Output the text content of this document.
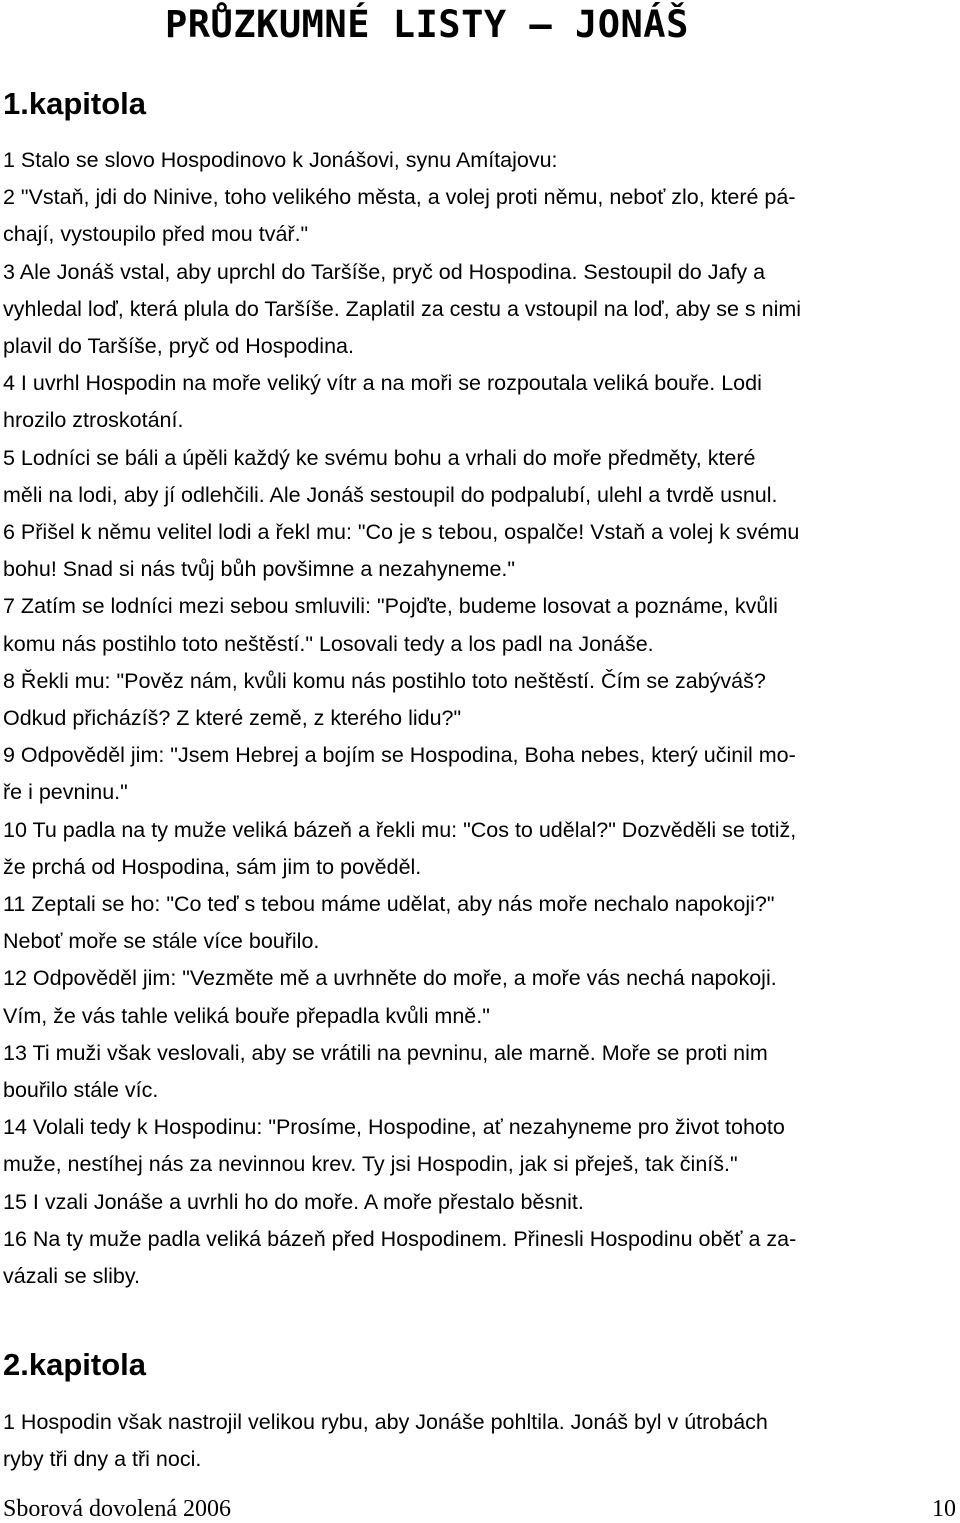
PRŮZKUMNÉ LISTY — JONÁŠ
1.kapitola
1 Stalo se slovo Hospodinovo k Jonášovi, synu Amítajovu:
2 "Vstaň, jdi do Ninive, toho velikého města, a volej proti němu, neboť zlo, které pá-
chají, vystoupilo před mou tvář."
3 Ale Jonáš vstal, aby uprchl do Taršíše, pryč od Hospodina. Sestoupil do Jafy a
vyhledal loď, která plula do Taršíše. Zaplatil za cestu a vstoupil na loď, aby se s nimi
plavil do Taršíše, pryč od Hospodina.
4 I uvrhl Hospodin na moře veliký vítr a na moři se rozpoutala veliká bouře. Lodi
hrozilo ztroskotání.
5 Lodníci se báli a úpěli každý ke svému bohu a vrhali do moře předměty, které
měli na lodi, aby jí odlehčili. Ale Jonáš sestoupil do podpalubí, ulehl a tvrdě usnul.
6 Přišel k němu velitel lodi a řekl mu: "Co je s tebou, ospalče! Vstaň a volej k svému
bohu! Snad si nás tvůj bůh povšimne a nezahyneme."
7 Zatím se lodníci mezi sebou smluvili: "Pojďte, budeme losovat a poznáme, kvůli
komu nás postihlo toto neštěstí." Losovali tedy a los padl na Jonáše.
8 Řekli mu: "Pověz nám, kvůli komu nás postihlo toto neštěstí. Čím se zabýváš?
Odkud přicházíš? Z které země, z kterého lidu?"
9 Odpověděl jim: "Jsem Hebrej a bojím se Hospodina, Boha nebes, který učinil mo-
ře i pevninu."
10 Tu padla na ty muže veliká bázeň a řekli mu: "Cos to udělal?" Dozvěděli se totiž,
že prchá od Hospodina, sám jim to pověděl.
11 Zeptali se ho: "Co teď s tebou máme udělat, aby nás moře nechalo napokoji?"
Neboť moře se stále více bouřilo.
12 Odpověděl jim: "Vezměte mě a uvrhněte do moře, a moře vás nechá napokoji.
Vím, že vás tahle veliká bouře přepadla kvůli mně."
13 Ti muži však veslovali, aby se vrátili na pevninu, ale marně. Moře se proti nim
bouřilo stále víc.
14 Volali tedy k Hospodinu: "Prosíme, Hospodine, ať nezahyneme pro život tohoto
muže, nestíhej nás za nevinnou krev. Ty jsi Hospodin, jak si přeješ, tak činíš."
15 I vzali Jonáše a uvrhli ho do moře. A moře přestalo běsnit.
16 Na ty muže padla veliká bázeň před Hospodinem. Přinesli Hospodinu oběť a za-
vázali se sliby.
2.kapitola
1 Hospodin však nastrojil velikou rybu, aby Jonáše pohltila. Jonáš byl v útrobách
ryby tři dny a tři noci.
Sborová dovolená 2006	10
